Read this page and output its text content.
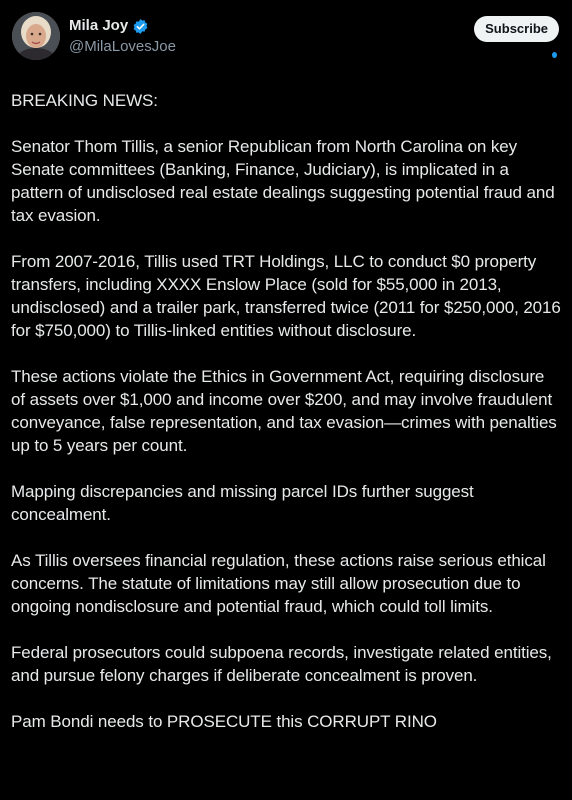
Mila Joy
@MilaLovesJoe
Subscribe

BREAKING NEWS:

Senator Thom Tillis, a senior Republican from North Carolina on key Senate committees (Banking, Finance, Judiciary), is implicated in a pattern of undisclosed real estate dealings suggesting potential fraud and tax evasion.

From 2007-2016, Tillis used TRT Holdings, LLC to conduct $0 property transfers, including XXXX Enslow Place (sold for $55,000 in 2013, undisclosed) and a trailer park, transferred twice (2011 for $250,000, 2016 for $750,000) to Tillis-linked entities without disclosure.

These actions violate the Ethics in Government Act, requiring disclosure of assets over $1,000 and income over $200, and may involve fraudulent conveyance, false representation, and tax evasion—crimes with penalties up to 5 years per count.

Mapping discrepancies and missing parcel IDs further suggest concealment.

As Tillis oversees financial regulation, these actions raise serious ethical concerns. The statute of limitations may still allow prosecution due to ongoing nondisclosure and potential fraud, which could toll limits.

Federal prosecutors could subpoena records, investigate related entities, and pursue felony charges if deliberate concealment is proven.

Pam Bondi needs to PROSECUTE this CORRUPT RINO
